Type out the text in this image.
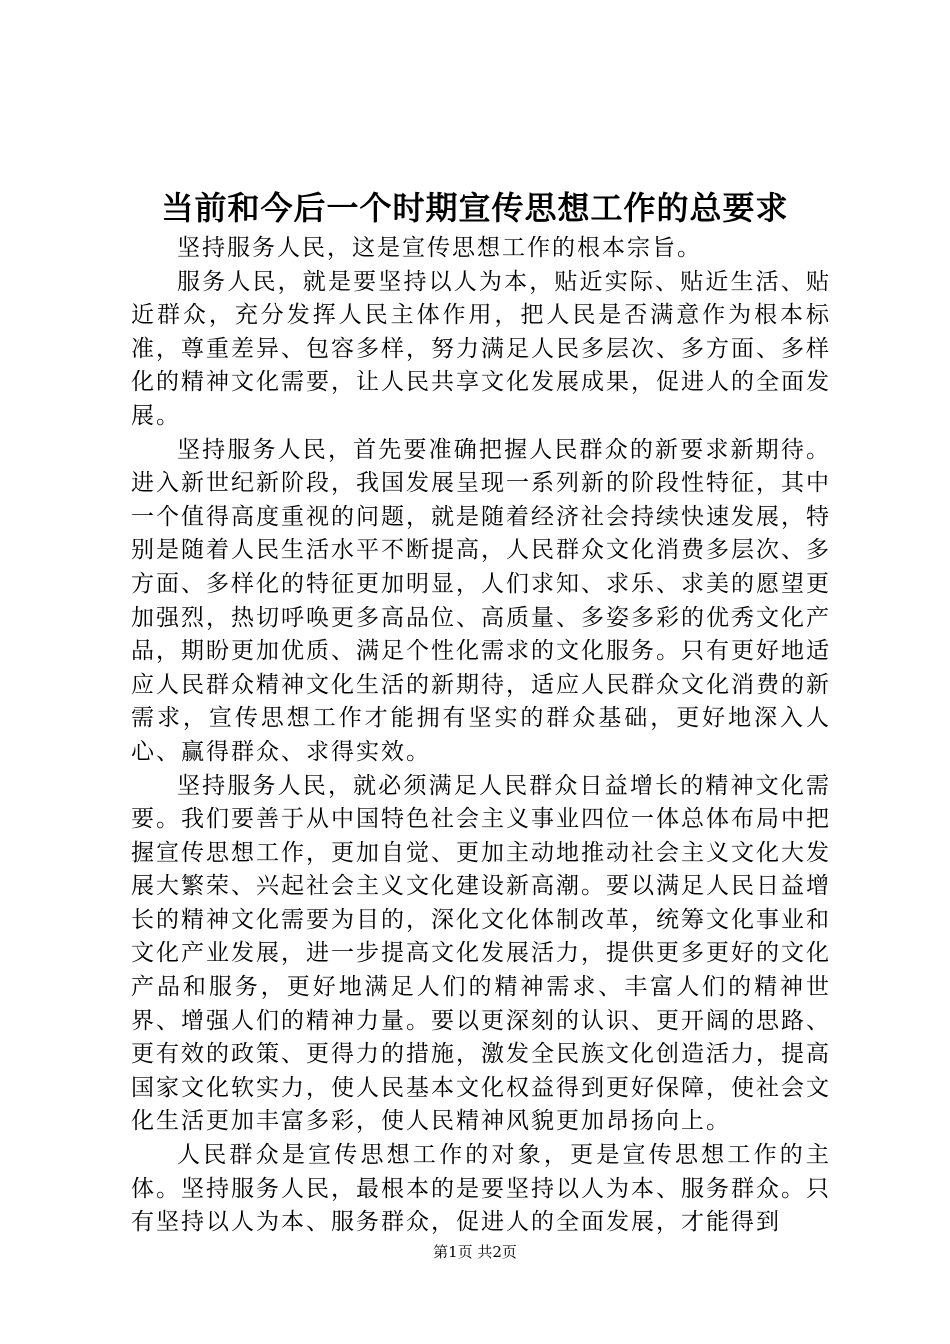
当前和今后一个时期宣传思想工作的总要求

坚持服务人民，这是宣传思想工作的根本宗旨。

服务人民，就是要坚持以人为本，贴近实际、贴近生活、贴近群众，充分发挥人民主体作用，把人民是否满意作为根本标准，尊重差异、包容多样，努力满足人民多层次、多方面、多样化的精神文化需要，让人民共享文化发展成果，促进人的全面发展。

坚持服务人民，首先要准确把握人民群众的新要求新期待。进入新世纪新阶段，我国发展呈现一系列新的阶段性特征，其中一个值得高度重视的问题，就是随着经济社会持续快速发展，特别是随着人民生活水平不断提高，人民群众文化消费多层次、多方面、多样化的特征更加明显，人们求知、求乐、求美的愿望更加强烈，热切呼唤更多高品位、高质量、多姿多彩的优秀文化产品，期盼更加优质、满足个性化需求的文化服务。只有更好地适应人民群众精神文化生活的新期待，适应人民群众文化消费的新需求，宣传思想工作才能拥有坚实的群众基础，更好地深入人心、赢得群众、求得实效。

坚持服务人民，就必须满足人民群众日益增长的精神文化需要。我们要善于从中国特色社会主义事业四位一体总体布局中把握宣传思想工作，更加自觉、更加主动地推动社会主义文化大发展大繁荣、兴起社会主义文化建设新高潮。要以满足人民日益增长的精神文化需要为目的，深化文化体制改革，统筹文化事业和文化产业发展，进一步提高文化发展活力，提供更多更好的文化产品和服务，更好地满足人们的精神需求、丰富人们的精神世界、增强人们的精神力量。要以更深刻的认识、更开阔的思路、更有效的政策、更得力的措施，激发全民族文化创造活力，提高国家文化软实力，使人民基本文化权益得到更好保障，使社会文化生活更加丰富多彩，使人民精神风貌更加昂扬向上。

人民群众是宣传思想工作的对象，更是宣传思想工作的主体。坚持服务人民，最根本的是要坚持以人为本、服务群众。只有坚持以人为本、服务群众，促进人的全面发展，才能得到

第1页 共2页
